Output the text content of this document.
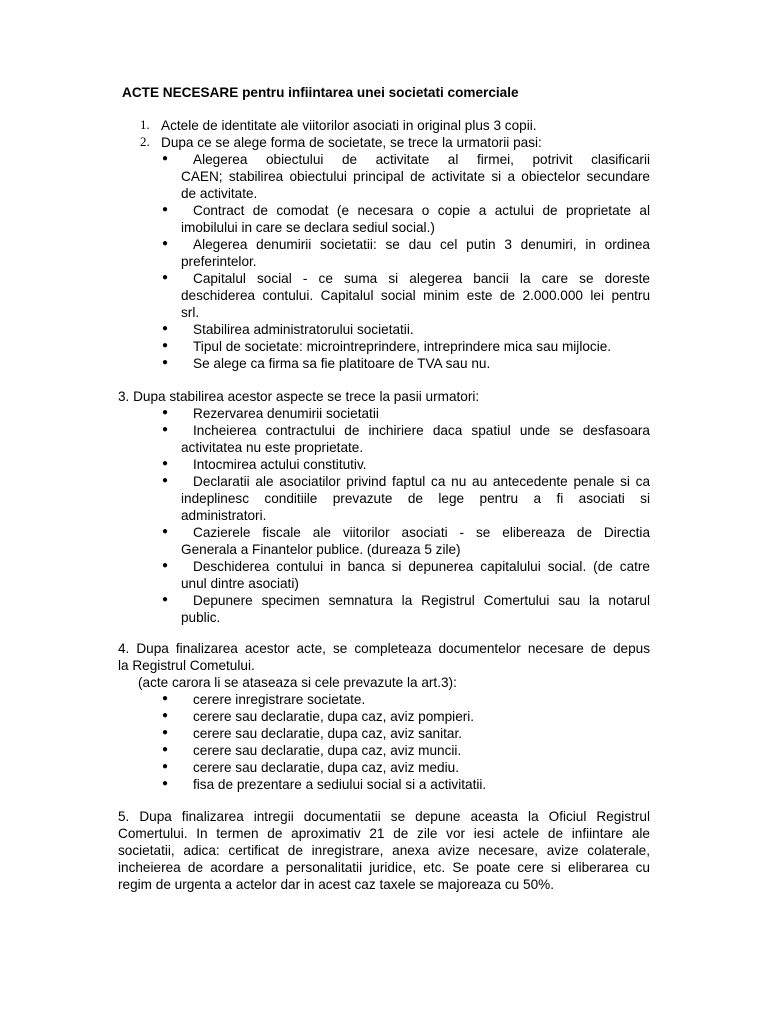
ACTE NECESARE pentru infiintarea unei societati comerciale
1. Actele de identitate ale viitorilor asociati in original plus 3 copii.
2. Dupa ce se alege forma de societate, se trece la urmatorii pasi:
● Alegerea obiectului de activitate al firmei, potrivit clasificarii
CAEN; stabilirea obiectului principal de activitate si a obiectelor secundare
de activitate.
● Contract de comodat (e necesara o copie a actului de proprietate al
imobilului in care se declara sediul social.)
● Alegerea denumirii societatii: se dau cel putin 3 denumiri, in ordinea
preferintelor.
● Capitalul social - ce suma si alegerea bancii la care se doreste
deschiderea contului. Capitalul social minim este de 2.000.000 lei pentru
srl.
● Stabilirea administratorului societatii.
● Tipul de societate: microintreprindere, intreprindere mica sau mijlocie.
● Se alege ca firma sa fie platitoare de TVA sau nu.
3. Dupa stabilirea acestor aspecte se trece la pasii urmatori:
● Rezervarea denumirii societatii
● Incheierea contractului de inchiriere daca spatiul unde se desfasoara
activitatea nu este proprietate.
● Intocmirea actului constitutiv.
● Declaratii ale asociatilor privind faptul ca nu au antecedente penale si ca
indeplinesc conditiile prevazute de lege pentru a fi asociati si
administratori.
● Cazierele fiscale ale viitorilor asociati - se elibereaza de Directia
Generala a Finantelor publice. (dureaza 5 zile)
● Deschiderea contului in banca si depunerea capitalului social. (de catre
unul dintre asociati)
● Depunere specimen semnatura la Registrul Comertului sau la notarul
public.
4. Dupa finalizarea acestor acte, se completeaza documentelor necesare de depus
la Registrul Cometului.
(acte carora li se ataseaza si cele prevazute la art.3):
● cerere inregistrare societate.
● cerere sau declaratie, dupa caz, aviz pompieri.
● cerere sau declaratie, dupa caz, aviz sanitar.
● cerere sau declaratie, dupa caz, aviz muncii.
● cerere sau declaratie, dupa caz, aviz mediu.
● fisa de prezentare a sediului social si a activitatii.
5. Dupa finalizarea intregii documentatii se depune aceasta la Oficiul Registrul
Comertului. In termen de aproximativ 21 de zile vor iesi actele de infiintare ale
societatii, adica: certificat de inregistrare, anexa avize necesare, avize colaterale,
incheierea de acordare a personalitatii juridice, etc. Se poate cere si eliberarea cu
regim de urgenta a actelor dar in acest caz taxele se majoreaza cu 50%.
